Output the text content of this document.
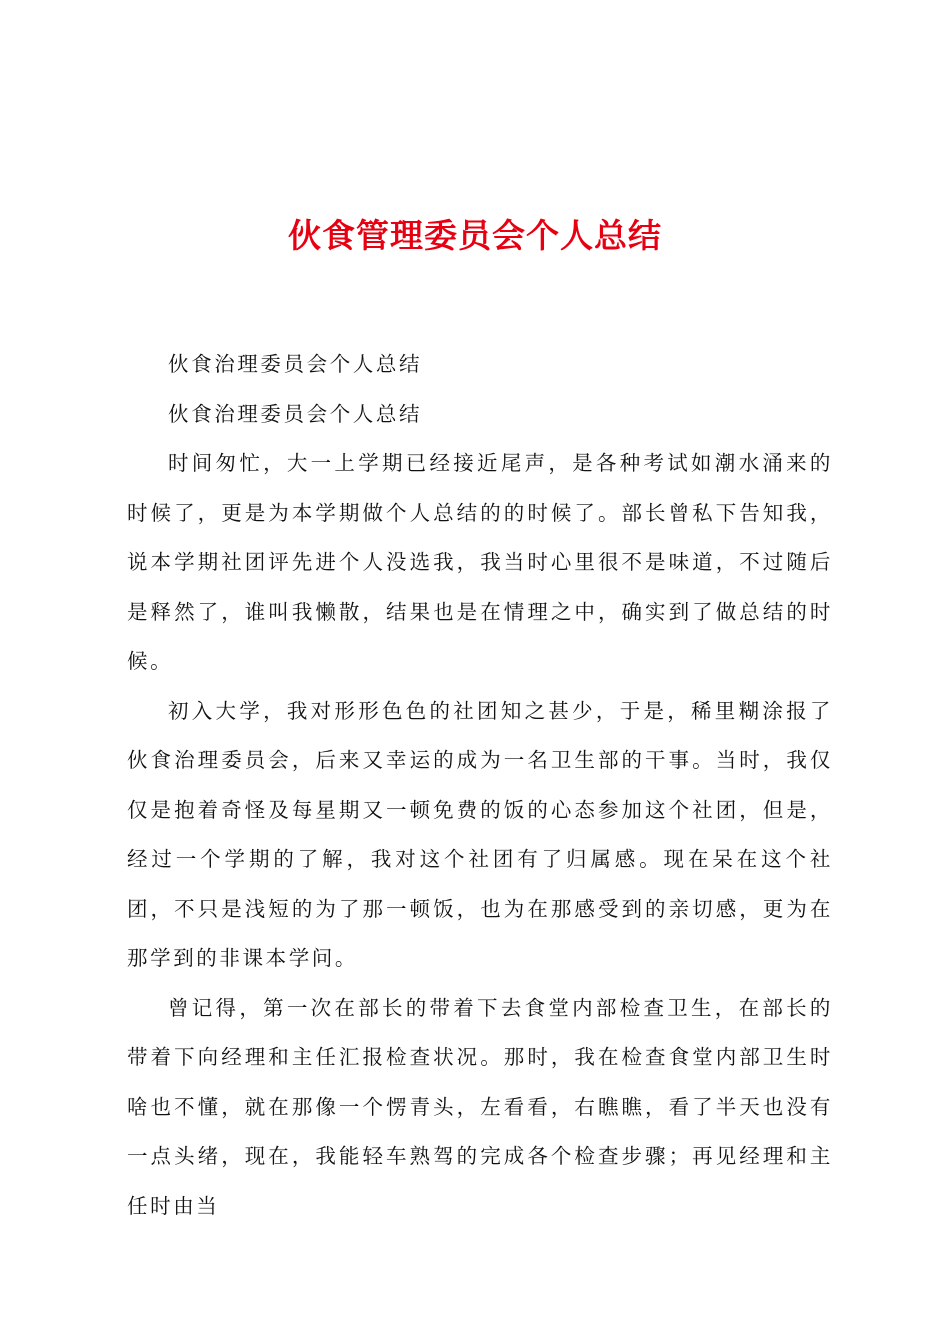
伙食管理委员会个人总结

伙食治理委员会个人总结

伙食治理委员会个人总结

时间匆忙，大一上学期已经接近尾声，是各种考试如潮水涌来的时候了，更是为本学期做个人总结的的时候了。部长曾私下告知我，说本学期社团评先进个人没选我，我当时心里很不是味道，不过随后是释然了，谁叫我懒散，结果也是在情理之中，确实到了做总结的时候。

初入大学，我对形形色色的社团知之甚少，于是，稀里糊涂报了伙食治理委员会，后来又幸运的成为一名卫生部的干事。当时，我仅仅是抱着奇怪及每星期又一顿免费的饭的心态参加这个社团，但是，经过一个学期的了解，我对这个社团有了归属感。现在呆在这个社团，不只是浅短的为了那一顿饭，也为在那感受到的亲切感，更为在那学到的非课本学问。

曾记得，第一次在部长的带着下去食堂内部检查卫生，在部长的带着下向经理和主任汇报检查状况。那时，我在检查食堂内部卫生时啥也不懂，就在那像一个愣青头，左看看，右瞧瞧，看了半天也没有一点头绪，现在，我能轻车熟驾的完成各个检查步骤；再见经理和主任时由当
